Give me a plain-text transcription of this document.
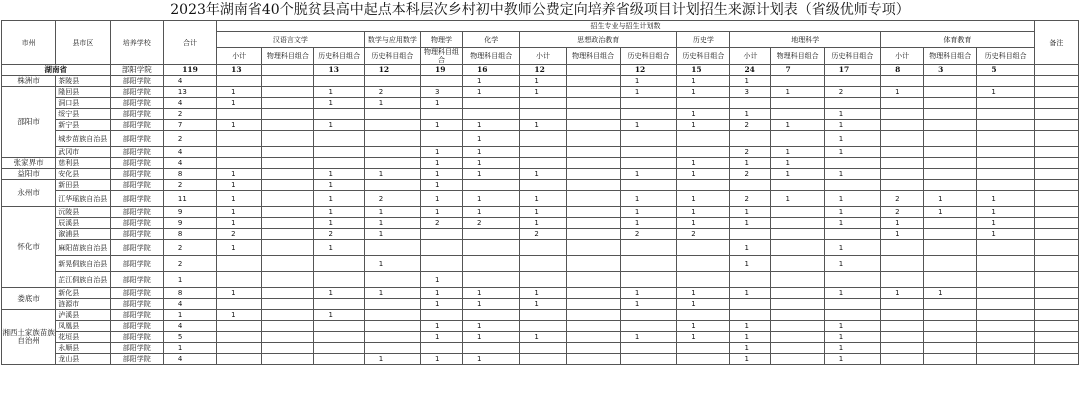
2023年湖南省40个脱贫县高中起点本科层次乡村初中教师公费定向培养省级项目计划招生来源计划表（省级优师专项）
市州	县市区	培养学校	合计	招生专业与招生计划数																备注
				汉语言文学			数学与应用数学	物理学	化学	思想政治教育			历史学	地理科学			体育教育			
				小计	物理科目组合	历史科目组合	历史科目组合	物理科目组合	物理科目组合	小计	物理科目组合	历史科目组合	历史科目组合	小计	物理科目组合	历史科目组合	小计	物理科目组合	历史科目组合	
湖南省		部阳学院	119	13		13	12	19	16	12		12	15	24	7	17	8	3	5	
株洲市	茶陵县	部阳学院	4						1	1		1	1	1						
邵阳市	隆回县	部阳学院	13	1		1	2	3	1	1		1	1	3	1	2	1		1	
	洞口县	部阳学院	4	1		1	1	1												
	绥宁县	部阳学院	2										1	1		1				
	新宁县	部阳学院	7	1		1		1	1	1		1	1	2	1	1				
	城步苗族自治县	部阳学院	2						1							1				
	武冈市	部阳学院	4					1	1					2	1	1				
张家界市	慈利县	部阳学院	4					1	1				1	1	1					
益阳市	安化县	部阳学院	8	1		1	1	1	1	1		1	1	2	1	1				
永州市	新田县	部阳学院	2	1		1		1												
	江华瑶族自治县	部阳学院	11	1		1	2	1	1	1		1	1	2	1	1	2	1	1	
怀化市	沅陵县	部阳学院	9	1		1	1	1	1	1		1	1	1		1	2	1	1	
	辰溪县	部阳学院	9	1		1	1	2	2	1		1	1	1		1	1		1	
	溆浦县	部阳学院	8	2		2	1			2		2	2				1		1	
	麻阳苗族自治县	部阳学院	2	1		1								1		1				
	新晃侗族自治县	部阳学院	2				1							1		1				
	芷江侗族自治县	部阳学院	1					1												
娄底市	新化县	部阳学院	8	1		1	1	1	1	1		1	1	1		1	1	1		
	涟源市	部阳学院	4					1	1	1		1	1							
湘西土家族苗族自治州	泸溪县	部阳学院	1	1		1														
	凤凰县	部阳学院	4					1	1				1	1		1				
	花垣县	部阳学院	5					1	1	1		1	1	1		1				
	永顺县	部阳学院	1											1		1				
	龙山县	部阳学院	4				1	1	1					1		1				
